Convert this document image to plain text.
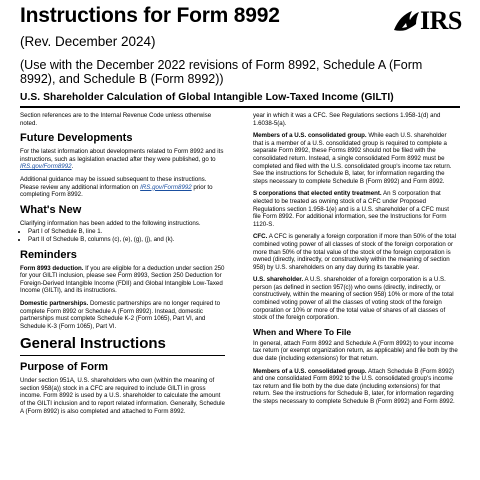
Instructions for Form 8992

(Rev. December 2024)

(Use with the December 2022 revisions of Form 8992, Schedule A (Form 8992), and Schedule B (Form 8992))

U.S. Shareholder Calculation of Global Intangible Low-Taxed Income (GILTI)

IRS

Section references are to the Internal Revenue Code unless otherwise noted.

Future Developments

For the latest information about developments related to Form 8992 and its instructions, such as legislation enacted after they were published, go to IRS.gov/Form8992.

Additional guidance may be issued subsequent to these instructions. Please review any additional information on IRS.gov/Form8992 prior to completing Form 8992.

What's New

Clarifying information has been added to the following instructions.

• Part I of Schedule B, line 1.
• Part II of Schedule B, columns (c), (e), (g), (j), and (k).
Reminders

Form 8993 deduction. If you are eligible for a deduction under section 250 for your GILTI inclusion, please see Form 8993, Section 250 Deduction for Foreign-Derived Intangible Income (FDII) and Global Intangible Low-Taxed Income (GILTI), and its instructions.

Domestic partnerships. Domestic partnerships are no longer required to complete Form 8992 or Schedule A (Form 8992). Instead, domestic partnerships must complete Schedule K-2 (Form 1065), Part VI, and Schedule K-3 (Form 1065), Part VI.

General Instructions
Purpose of Form

Under section 951A, U.S. shareholders who own (within the meaning of section 958(a)) stock in a CFC are required to include GILTI in gross income. Form 8992 is used by a U.S. shareholder to calculate the amount of the GILTI inclusion and to report related information. Generally, Schedule A (Form 8992) is also completed and attached to Form 8992.

year in which it was a CFC. See Regulations sections 1.958-1(d) and 1.6038-5(a).

Members of a U.S. consolidated group. While each U.S. shareholder that is a member of a U.S. consolidated group is required to complete a separate Form 8992, these Forms 8992 should not be filed with the consolidated return. Instead, a single consolidated Form 8992 must be completed and filed with the U.S. consolidated group's income tax return. See the instructions for Schedule B, later, for information regarding the steps necessary to complete Schedule B (Form 8992) and Form 8992.

S corporations that elected entity treatment. An S corporation that elected to be treated as owning stock of a CFC under Proposed Regulations section 1.958-1(e) and is a U.S. shareholder of a CFC must file Form 8992. For additional information, see the Instructions for Form 1120-S.

CFC. A CFC is generally a foreign corporation if more than 50% of the total combined voting power of all classes of stock of the foreign corporation or more than 50% of the total value of the stock of the foreign corporation is owned (directly, indirectly, or constructively within the meaning of section 958) by U.S. shareholders on any day during its taxable year.

U.S. shareholder. A U.S. shareholder of a foreign corporation is a U.S. person (as defined in section 957(c)) who owns (directly, indirectly, or constructively, within the meaning of section 958) 10% or more of the total combined voting power of all the classes of voting stock of the foreign corporation or 10% or more of the total value of shares of all classes of stock of the foreign corporation.

When and Where To File

In general, attach Form 8992 and Schedule A (Form 8992) to your income tax return (or exempt organization return, as applicable) and file both by the due date (including extensions) for that return.

Members of a U.S. consolidated group. Attach Schedule B (Form 8992) and one consolidated Form 8992 to the U.S. consolidated group's income tax return and file both by the due date (including extensions) for that return. See the instructions for Schedule B, later, for information regarding the steps necessary to complete Schedule B (Form 8992) and Form 8992.
